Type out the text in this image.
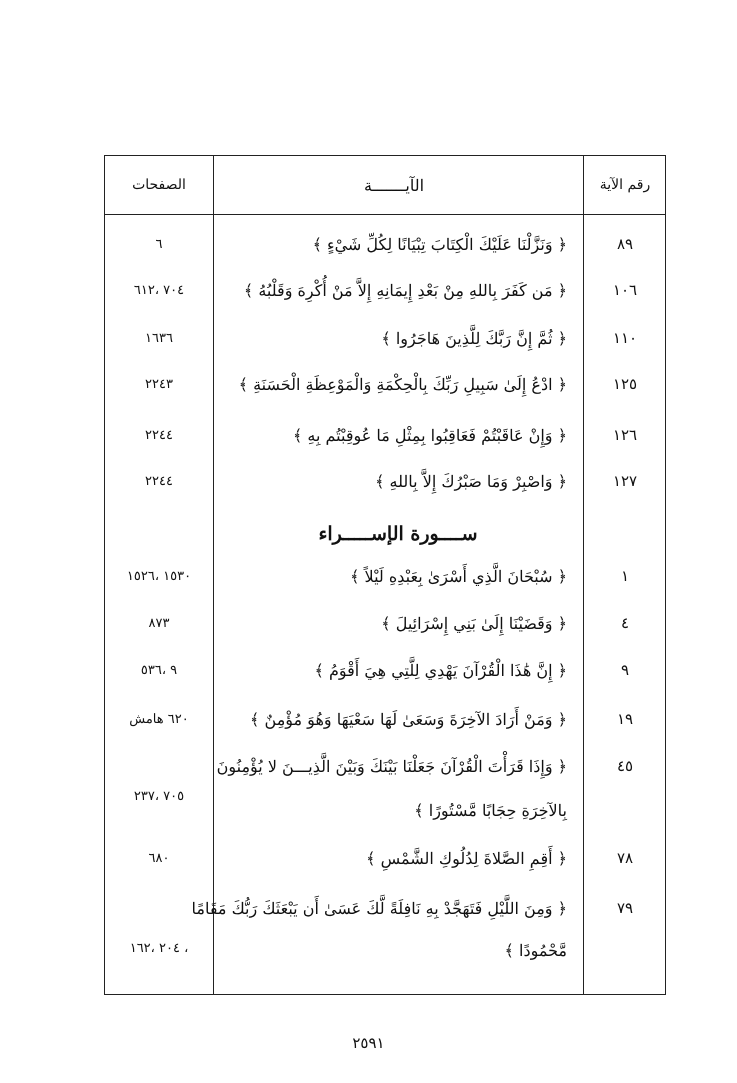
الصفحات	الآيـــــــة	رقم الآية
٨٩
﴿ وَنَزَّلْنَا عَلَيْكَ الْكِتَابَ تِبْيَانًا لِكُلِّ شَيْءٍ ﴾
٦
١٠٦
﴿ مَن كَفَرَ بِاللهِ مِنْ بَعْدِ إِيمَانِهِ إِلاَّ مَنْ أُكْرِهَ وَقَلْبُهُ ﴾
٧٠٤ ،٦١٢
١١٠
﴿ ثُمَّ إِنَّ رَبَّكَ لِلَّذِينَ هَاجَرُوا ﴾
١٦٣٦
١٢٥
﴿ ادْعُ إِلَىٰ سَبِيلِ رَبِّكَ بِالْحِكْمَةِ وَالْمَوْعِظَةِ الْحَسَنَةِ ﴾
٢٢٤٣
١٢٦
﴿ وَإِنْ عَاقَبْتُمْ فَعَاقِبُوا بِمِثْلِ مَا عُوقِبْتُم بِهِ ﴾
٢٢٤٤
١٢٧
﴿ وَاصْبِرْ وَمَا صَبْرُكَ إِلاَّ بِاللهِ ﴾
٢٢٤٤
ســــورة الإســـــراء
١
﴿ سُبْحَانَ الَّذِي أَسْرَىٰ بِعَبْدِهِ لَيْلاً ﴾
١٥٣٠ ،١٥٢٦
٤
﴿ وَقَضَيْنَا إِلَىٰ بَنِي إِسْرَائِيلَ ﴾
٨٧٣
٩
﴿ إِنَّ هَٰذَا الْقُرْآنَ يَهْدِي لِلَّتِي هِيَ أَقْوَمُ ﴾
٩ ،٥٣٦
١٩
﴿ وَمَنْ أَرَادَ الآخِرَةَ وَسَعَىٰ لَهَا سَعْيَهَا وَهُوَ مُؤْمِنٌ ﴾
٦٢٠ هامش
٤٥
﴿ وَإِذَا قَرَأْتَ الْقُرْآنَ جَعَلْنَا بَيْنَكَ وَبَيْنَ الَّذِيـــنَ لا يُؤْمِنُونَ
بِالآخِرَةِ حِجَابًا مَّسْتُورًا ﴾
٧٠٥ ،٢٣٧
٧٨
﴿ أَقِمِ الصَّلاةَ لِدُلُوكِ الشَّمْسِ ﴾
٦٨٠
٧٩
﴿ وَمِنَ اللَّيْلِ فَتَهَجَّدْ بِهِ نَافِلَةً لَّكَ عَسَىٰ أَن يَبْعَثَكَ رَبُّكَ مَقَامًا
مَّحْمُودًا ﴾
٢٠٤ ،١٦٢ ،
٢٥٩١
